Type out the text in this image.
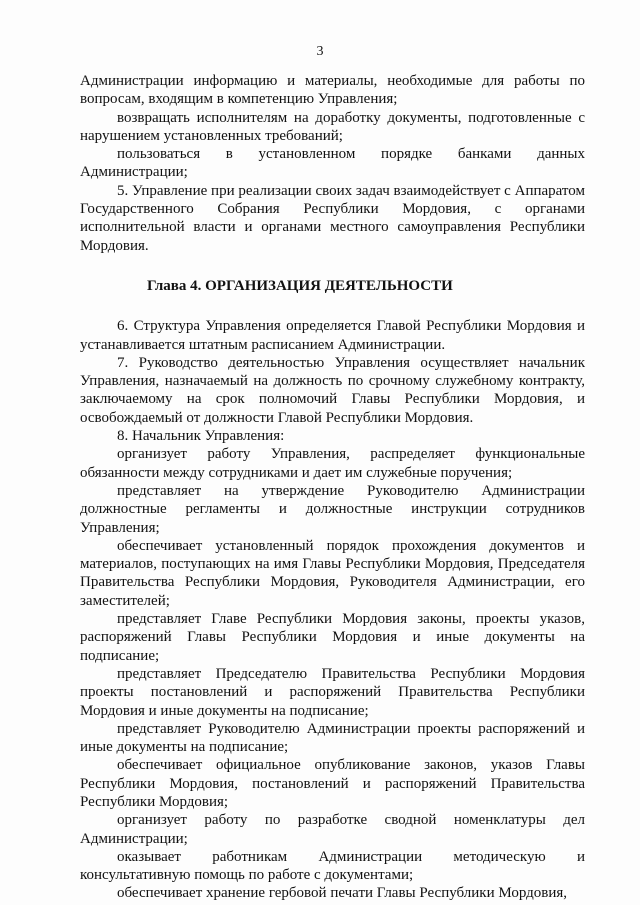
3

Администрации информацию и материалы, необходимые для работы по вопросам, входящим в компетенцию Управления;

возвращать исполнителям на доработку документы, подготовленные с нарушением установленных требований;

пользоваться в установленном порядке банками данных Администрации;

5. Управление при реализации своих задач взаимодействует с Аппаратом Государственного Собрания Республики Мордовия, с органами исполнительной власти и органами местного самоуправления Республики Мордовия.

Глава 4. ОРГАНИЗАЦИЯ ДЕЯТЕЛЬНОСТИ

6. Структура Управления определяется Главой Республики Мордовия и устанавливается штатным расписанием Администрации.

7. Руководство деятельностью Управления осуществляет начальник Управления, назначаемый на должность по срочному служебному контракту, заключаемому на срок полномочий Главы Республики Мордовия, и освобождаемый от должности Главой Республики Мордовия.

8. Начальник Управления:

организует работу Управления, распределяет функциональные обязанности между сотрудниками и дает им служебные поручения;

представляет на утверждение Руководителю Администрации должностные регламенты и должностные инструкции сотрудников Управления;

обеспечивает установленный порядок прохождения документов и материалов, поступающих на имя Главы Республики Мордовия, Председателя Правительства Республики Мордовия, Руководителя Администрации, его заместителей;

представляет Главе Республики Мордовия законы, проекты указов, распоряжений Главы Республики Мордовия и иные документы на подписание;

представляет Председателю Правительства Республики Мордовия проекты постановлений и распоряжений Правительства Республики Мордовия и иные документы на подписание;

представляет Руководителю Администрации проекты распоряжений и иные документы на подписание;

обеспечивает официальное опубликование законов, указов Главы Республики Мордовия, постановлений и распоряжений Правительства Республики Мордовия;

организует работу по разработке сводной номенклатуры дел Администрации;

оказывает работникам Администрации методическую и консультативную помощь по работе с документами;

обеспечивает хранение гербовой печати Главы Республики Мордовия,
